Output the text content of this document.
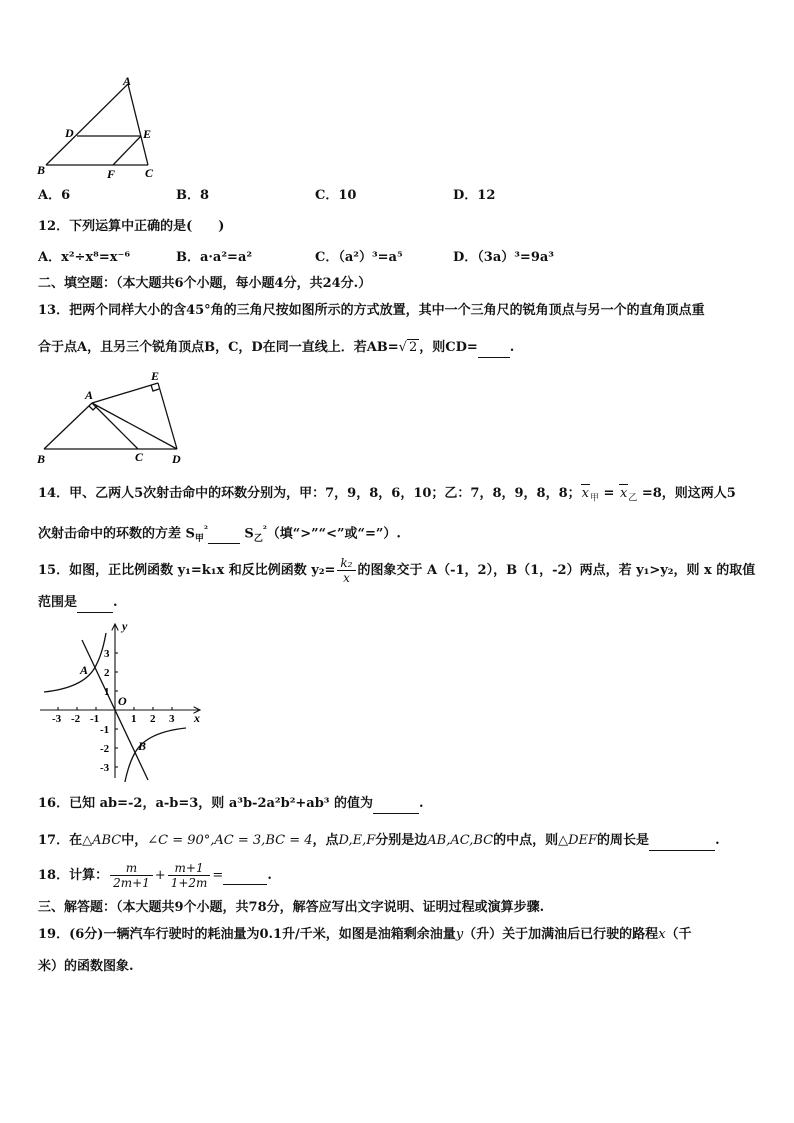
A
D	E
B	F C
A．6	B．8	C．10	D．12
12．下列运算中正确的是(　　)
A．x²÷x⁸=x⁻⁶	B．a·a²=a²	C．（a²）³=a⁵	D．（3a）³=9a³
二、填空题：（本大题共6个小题，每小题4分，共24分.）
13．把两个同样大小的含45°角的三角尺按如图所示的方式放置，其中一个三角尺的锐角顶点与另一个的直角顶点重
合于点A，且另三个锐角顶点B，C，D在同一直线上．若AB=√ 2 ，则CD= .
A
E
B	C D
14．甲、乙两人5次射击命中的环数分别为，甲：7，9，8，6，10；乙：7，8，9，8，8；$x_甲 = x_乙 =8$，则这两人5
次射击命中的环数的方差 $S_甲^{^2}$  $S_乙^{^2}$（填“>”“<”或“=”）.
15．如图，正比例函数 y₁=k₁x 和反比例函数 $y_2= \frac{\text{k₂}}{x}$ 的图象交于 A（-1，2），B（1，-2）两点，若 y₁>y₂，则 x 的取值
范围是	.
y
x
O
A
B
-3 -2 -1	1 2 3
3
2
1
-1
-2
-3
16．已知 ab=-2，a-b=3，则 a³b-2a²b²+ab³ 的值为	.
17．在△ABC中，∠C = 90°,AC = 3,BC = 4，点D,E,F分别是边AB,AC,BC的中点，则△DEF的周长是	.
18．计算： $\frac{m}{2m+1} + \frac{m+1}{1+2m}$ =	.
三、解答题：（本大题共9个小题，共78分，解答应写出文字说明、证明过程或演算步骤.
19．(6分)一辆汽车行驶时的耗油量为0.1升/千米，如图是油箱剩余油量y（升）关于加满油后已行驶的路程x（千
米）的函数图象.
